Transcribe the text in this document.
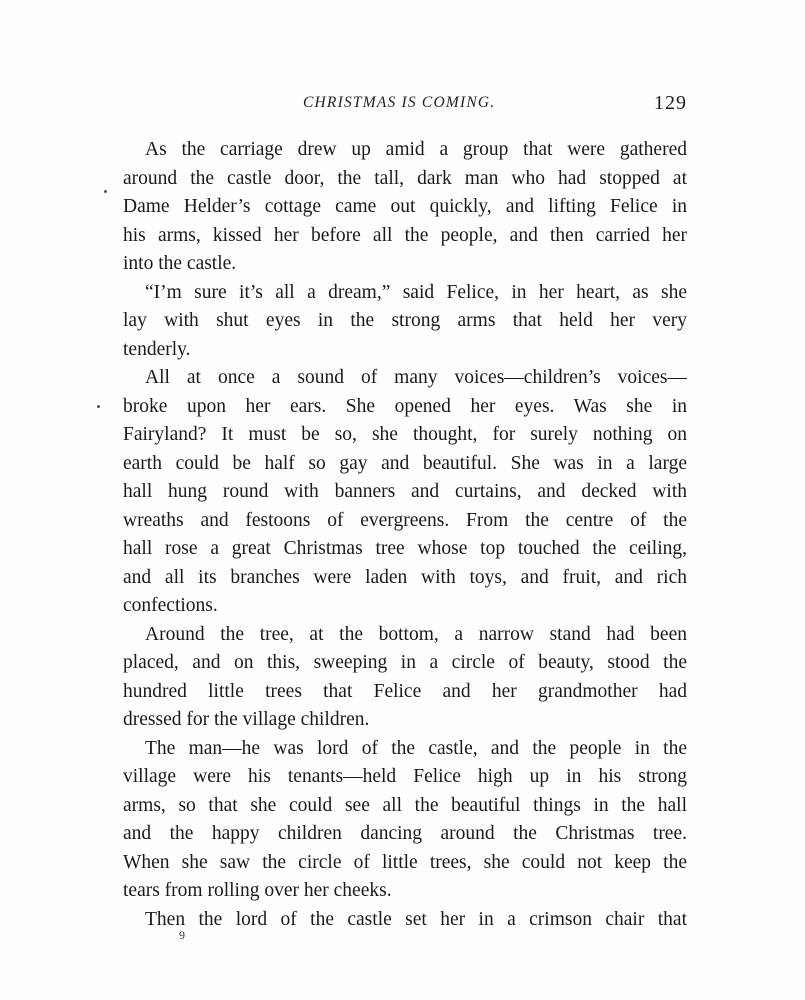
CHRISTMAS IS COMING.	129
As the carriage drew up amid a group that were gathered
around the castle door, the tall, dark man who had stopped at
Dame Helder’s cottage came out quickly, and lifting Felice in
his arms, kissed her before all the people, and then carried her
into the castle.
“I’m sure it’s all a dream,” said Felice, in her heart, as she
lay with shut eyes in the strong arms that held her very
tenderly.
All at once a sound of many voices—children’s voices—
broke upon her ears. She opened her eyes. Was she in
Fairyland? It must be so, she thought, for surely nothing on
earth could be half so gay and beautiful. She was in a large
hall hung round with banners and curtains, and decked with
wreaths and festoons of evergreens. From the centre of the
hall rose a great Christmas tree whose top touched the ceiling,
and all its branches were laden with toys, and fruit, and rich
confections.
Around the tree, at the bottom, a narrow stand had been
placed, and on this, sweeping in a circle of beauty, stood the
hundred little trees that Felice and her grandmother had
dressed for the village children.
The man—he was lord of the castle, and the people in the
village were his tenants—held Felice high up in his strong
arms, so that she could see all the beautiful things in the hall
and the happy children dancing around the Christmas tree.
When she saw the circle of little trees, she could not keep the
tears from rolling over her cheeks.
Then the lord of the castle set her in a crimson chair that
9
